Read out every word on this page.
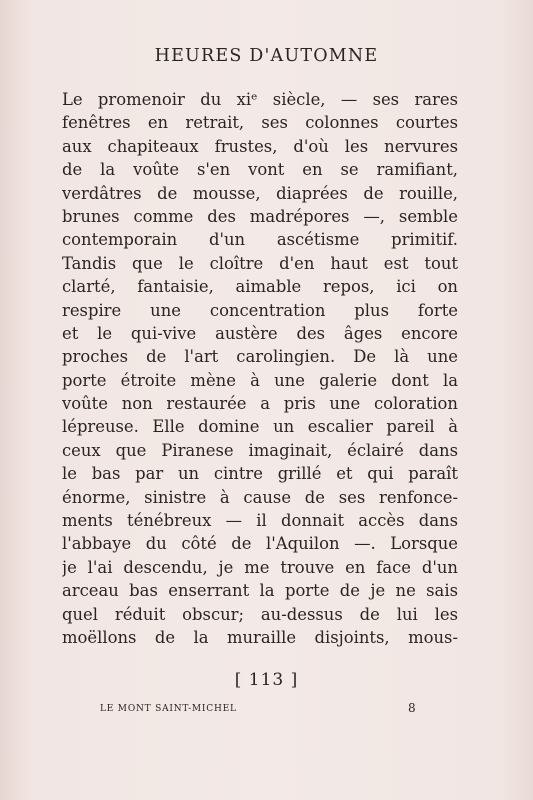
HEURES D'AUTOMNE
Le promenoir du xiᵉ siècle, — ses rares
fenêtres en retrait, ses colonnes courtes
aux chapiteaux frustes, d'où les nervures
de la voûte s'en vont en se ramifiant,
verdâtres de mousse, diaprées de rouille,
brunes comme des madrépores —, semble
contemporain d'un ascétisme primitif.
Tandis que le cloître d'en haut est tout
clarté, fantaisie, aimable repos, ici on
respire une concentration plus forte
et le qui-vive austère des âges encore
proches de l'art carolingien. De là une
porte étroite mène à une galerie dont la
voûte non restaurée a pris une coloration
lépreuse. Elle domine un escalier pareil à
ceux que Piranese imaginait, éclairé dans
le bas par un cintre grillé et qui paraît
énorme, sinistre à cause de ses renfonce-
ments ténébreux — il donnait accès dans
l'abbaye du côté de l'Aquilon —. Lorsque
je l'ai descendu, je me trouve en face d'un
arceau bas enserrant la porte de je ne sais
quel réduit obscur; au-dessus de lui les
moëllons de la muraille disjoints, mous-
[ 113 ]
LE MONT SAINT-MICHEL	8
